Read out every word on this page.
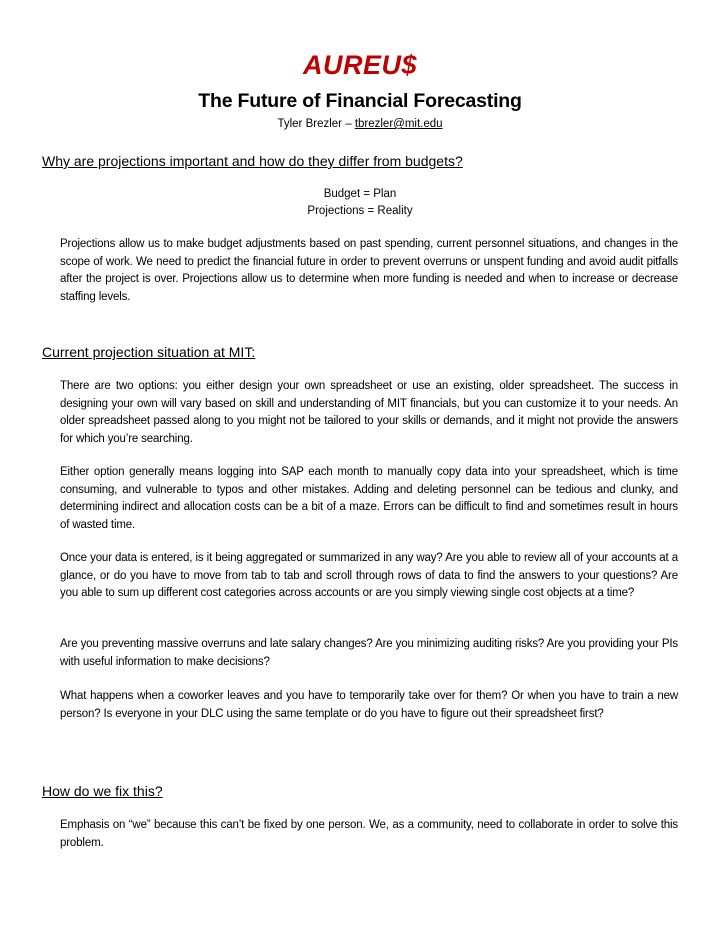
AUREU$
The Future of Financial Forecasting
Tyler Brezler – tbrezler@mit.edu
Why are projections important and how do they differ from budgets?
Budget = Plan
Projections = Reality
Projections allow us to make budget adjustments based on past spending, current personnel situations, and changes in the scope of work. We need to predict the financial future in order to prevent overruns or unspent funding and avoid audit pitfalls after the project is over. Projections allow us to determine when more funding is needed and when to increase or decrease staffing levels.
Current projection situation at MIT:
There are two options: you either design your own spreadsheet or use an existing, older spreadsheet. The success in designing your own will vary based on skill and understanding of MIT financials, but you can customize it to your needs. An older spreadsheet passed along to you might not be tailored to your skills or demands, and it might not provide the answers for which you’re searching.
Either option generally means logging into SAP each month to manually copy data into your spreadsheet, which is time consuming, and vulnerable to typos and other mistakes. Adding and deleting personnel can be tedious and clunky, and determining indirect and allocation costs can be a bit of a maze. Errors can be difficult to find and sometimes result in hours of wasted time.
Once your data is entered, is it being aggregated or summarized in any way? Are you able to review all of your accounts at a glance, or do you have to move from tab to tab and scroll through rows of data to find the answers to your questions? Are you able to sum up different cost categories across accounts or are you simply viewing single cost objects at a time?
Are you preventing massive overruns and late salary changes? Are you minimizing auditing risks? Are you providing your PIs with useful information to make decisions?
What happens when a coworker leaves and you have to temporarily take over for them? Or when you have to train a new person? Is everyone in your DLC using the same template or do you have to figure out their spreadsheet first?
How do we fix this?
Emphasis on “we” because this can’t be fixed by one person. We, as a community, need to collaborate in order to solve this problem.
